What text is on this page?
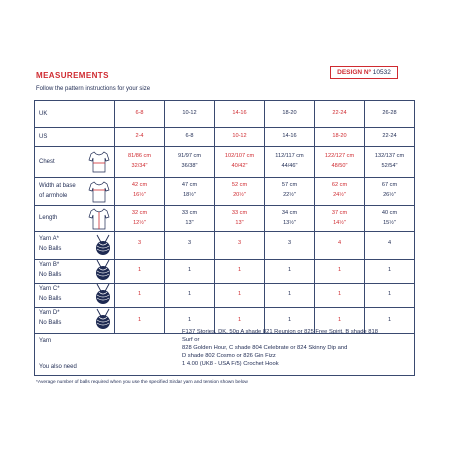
MEASUREMENTS	DESIGN Nº 10532
Follow the pattern instructions for your size
UK
US
Chest
Width at base
of armhole
Length
Yarn A*
No Balls
Yarn B*
No Balls
Yarn C*
No Balls
Yarn D*
No Balls
Yarn
You also need
6-8
2-4
81/86 cm
32/34"
42 cm
16½"
32 cm
12½"
3
1
1
1
10-12
6-8
91/97 cm
36/38"
47 cm
18½"
33 cm
13"
3
1
1
1
14-16
10-12
102/107 cm
40/42"
52 cm
20½"
33 cm
13"
3
1
1
1
18-20
14-16
112/117 cm
44/46"
57 cm
22½"
34 cm
13½"
3
1
1
1
22-24
18-20
122/127 cm
48/50"
62 cm
24½"
37 cm
14½"
4
1
1
1
26-28
22-24
132/137 cm
52/54"
67 cm
26½"
40 cm
15½"
4
1
1
1
F137 Stories, DK, 50g A shade 821 Reunion or 825 Free Spirit, B shade 818 Surf or
828 Golden Hour, C shade 804 Celebrate or 824 Skinny Dip and
D shade 802 Cosmo or 826 Gin Fizz
1 4.00 (UK8 - USA F/5) Crochet Hook
*Average number of balls required when you use the specified Sirdar yarn and tension shown below
